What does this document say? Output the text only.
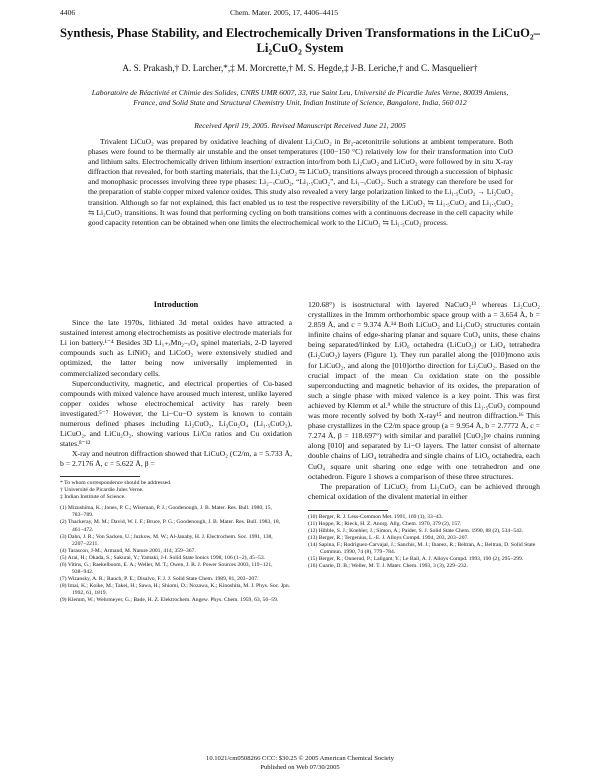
4406	Chem. Mater. 2005, 17, 4406–4415
Synthesis, Phase Stability, and Electrochemically Driven Transformations in the LiCuO₂–Li₂CuO₂ System
A. S. Prakash,† D. Larcher,*,‡ M. Morcrette,† M. S. Hegde,‡ J-B. Leriche,† and C. Masquelier†
Laboratoire de Réactivité et Chimie des Solides, CNRS UMR 6007, 33, rue Saint Leu, Université de Picardie Jules Verne, 80039 Amiens, France, and Solid State and Structural Chemistry Unit, Indian Institute of Science, Bangalore, India, 560 012
Received April 19, 2005. Revised Manuscript Received June 21, 2005
Trivalent LiCuO₂ was prepared by oxidative leaching of divalent Li₂CuO₂ in Br₂-acetonitrile solutions at ambient temperature. Both phases were found to be thermally air unstable and the onset temperatures (100−150 °C) relatively low for their transformation into CuO and lithium salts. Electrochemically driven lithium insertion/ extraction into/from both Li₂CuO₂ and LiCuO₂ were followed by in situ X-ray diffraction that revealed, for both starting materials, that the Li₂CuO₂ ⇆ LiCuO₂ transitions always proceed through a succession of biphasic and monophasic processes involving three type phases: Li₂₋ₓCuO₂, “Li₁.₅CuO₂”, and Li₁₋ₓCuO₂. Such a strategy can therefore be used for the preparation of stable copper mixed valence oxides. This study also revealed a very large polarization linked to the Li₁.₅CuO₂ → Li₂CuO₂ transition. Although so far not explained, this fact enabled us to test the respective reversibility of the LiCuO₂ ⇆ Li₁.₅CuO₂ and Li₁.₅CuO₂ ⇆ Li₂CuO₂ transitions. It was found that performing cycling on both transitions comes with a continuous decrease in the cell capacity while good capacity retention can be obtained when one limits the electrochemical work to the LiCuO₂ ⇆ Li₁.₅CuO₂ process.
Introduction

Since the late 1970s, lithiated 3d metal oxides have attracted a sustained interest among electrochemists as positive electrode materials for Li ion battery.¹⁻⁴ Besides 3D Li₁₊ₓMn₂₋ₓO₄ spinel materials, 2-D layered compounds such as LiNiO₂ and LiCoO₂ were extensively studied and optimized, the latter being now universally implemented in commercialized secondary cells.

Superconductivity, magnetic, and electrical properties of Cu-based compounds with mixed valence have aroused much interest, unlike layered copper oxides whose electrochemical activity has rarely been investigated.⁵⁻⁷ However, the Li−Cu−O system is known to contain numerous defined phases including Li₂CuO₂, Li₃Cu₂O₄ (Li₁.₅CuO₂), LiCuO₂, and LiCu₂O₂, showing various Li/Cu ratios and Cu oxidation states.⁸⁻¹²

X-ray and neutron diffraction showed that LiCuO₂ (C2/m, a = 5.733 Å, b = 2.7176 Å, c = 5.622 Å, β =

* To whom correspondence should be addressed.

† Université de Picardie Jules Verne.

‡ Indian Institute of Science.

(1) Mizushima, K.; Jones, P. C.; Wiseman, P. J.; Goodenough, J. B. Mater. Res. Bull. 1980, 15, 783−789.
(2) Thackeray, M. M.; David, W. I. F.; Bruce, P. G.; Goodenough, J. B. Mater. Res. Bull. 1983, 18, 461−472.
(3) Dahn, J. R.; Von Sacken, U.; Juzkow, M. W.; Al-Janaby, H. J. Electrochem. Soc. 1991, 138, 2207−2211.
(4) Tarascon, J-M.; Armand, M. Nature 2001, 414, 359−367.
(5) Arai, H.; Okada, S.; Sakurai, Y.; Yamaki, J-I. Solid State Ionics 1998, 106 (1−2), 45−53.
(6) Vitins, G.; Raekelboom, E. A.; Weller, M. T.; Owen, J. R. J. Power Sources 2003, 119−121, 938−942.
(7) Wizansky, A. R.; Rauch, P. E.; Disalvo, F. J. J. Solid State Chem. 1989, 81, 203−207.
(8) Imai, K.; Koike, M.; Takei, H.; Sawa, H.; Shiomi, D.; Nozawa, K.; Kinoshita, M. J. Phys. Soc. Jpn. 1992, 61, 1819.
(9) Klemm, W.; Wehrmeyer, G.; Bade, H. Z. Elektrochem. Angew. Phys. Chem. 1959, 63, 56−59.

120.68°) is isostructural with layered NaCuO₂¹³ whereas Li₂CuO₂ crystallizes in the Immm orthorhombic space group with a = 3.654 Å, b = 2.859 Å, and c = 9.374 Å.¹⁴ Both LiCuO₂ and Li₂CuO₂ structures contain infinite chains of edge-sharing planar and square CuO₄ units, these chains being separated/linked by LiO₆ octahedra (LiCuO₂) or LiO₄ tetrahedra (Li₂CuO₂) layers (Figure 1). They run parallel along the [010]mono axis for LiCuO₂, and along the [010]ortho direction for Li₂CuO₂. Based on the crucial impact of the mean Cu oxidation state on the possible superconducting and magnetic behavior of its oxides, the preparation of such a single phase with mixed valence is a key point. This was first achieved by Klemm et al.⁹ while the structure of this Li₁.₅CuO₂ compound was more recently solved by both X-ray¹⁵ and neutron diffraction.¹⁶ This phase crystallizes in the C2/m space group (a = 9.954 Å, b = 2.7772 Å, c = 7.274 Å, β = 118.697°) with similar and parallel [CuO₂]∞ chains running along [010] and separated by Li−O layers. The latter consist of alternate double chains of LiO₄ tetrahedra and single chains of LiO₆ octahedra, each CuO₄ square unit sharing one edge with one tetrahedron and one octahedron. Figure 1 shows a comparison of these three structures.

The preparation of LiCuO₂ from Li₂CuO₂ can be achieved through chemical oxidation of the divalent material in either

(10) Berger, R. J. Less-Common Met. 1991, 169 (1), 33−43.
(11) Hoppe, R.; Rieck, H. Z. Anorg. Allg. Chem. 1970, 379 (2), 157.
(12) Hibble, S. J.; Koehler, J.; Simon, A.; Paider, S. J. Solid State Chem. 1990, 88 (2), 534−542.
(13) Berger, R.; Tergenius, L.-E. J. Alloys Compd. 1994, 203, 203−207.
(14) Sapina, F.; Rodriguez-Carvajal, J.; Sanchis, M. J.; Ibanez, R.; Beltran, A.; Beltran, D. Solid State Commun. 1990, 74 (8), 779−784.
(15) Berger, R.; Onnerud, P.; Laligant, Y.; Le Bail, A. J. Alloys Compd. 1993, 190 (2), 295−299.
(16) Cuarie, D. B.; Weller, M. T. J. Mater. Chem. 1993, 3 (3), 229−232.
10.1021/cm0508266 CCC: $30.25 © 2005 American Chemical Society
Published on Web 07/30/2005
